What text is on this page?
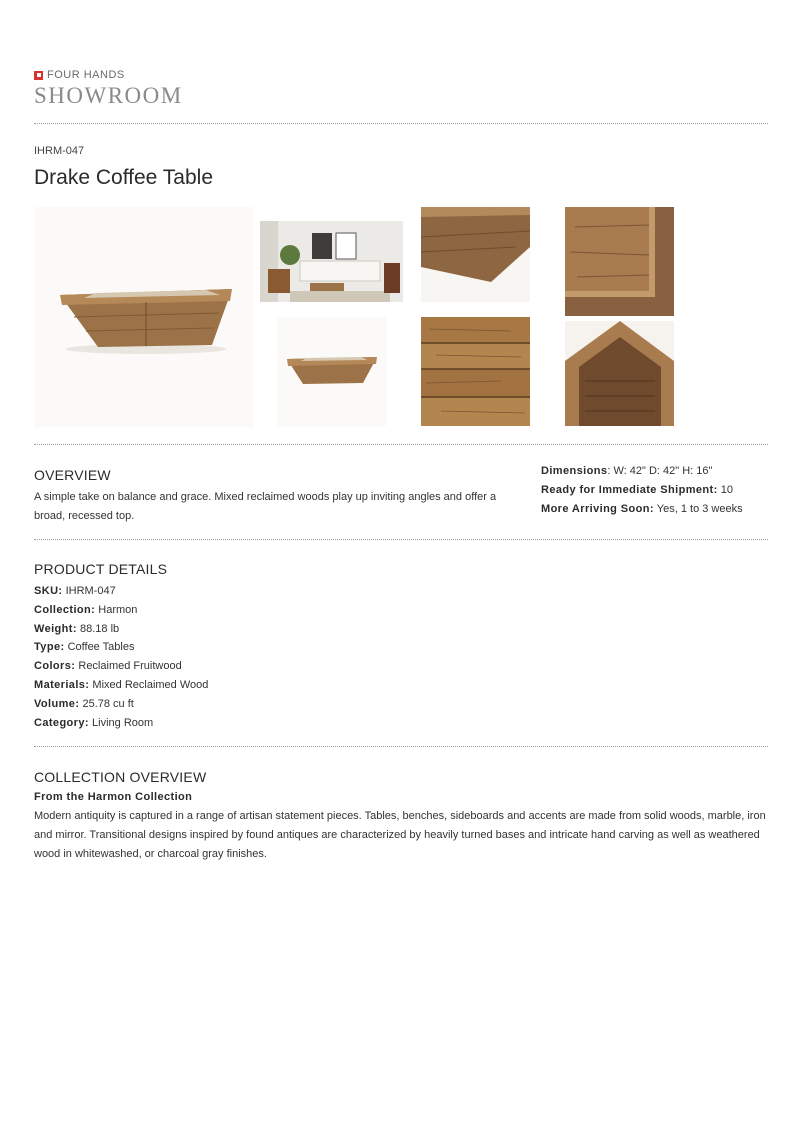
FOUR HANDS
SHOWROOM
IHRM-047
Drake Coffee Table
OVERVIEW
A simple take on balance and grace. Mixed reclaimed woods play up inviting angles and offer a broad, recessed top.
Dimensions: W: 42" D: 42" H: 16"
Ready for Immediate Shipment: 10
More Arriving Soon: Yes, 1 to 3 weeks
PRODUCT DETAILS
SKU: IHRM-047
Collection: Harmon
Weight: 88.18 lb
Type: Coffee Tables
Colors: Reclaimed Fruitwood
Materials: Mixed Reclaimed Wood
Volume: 25.78 cu ft
Category: Living Room
COLLECTION OVERVIEW
From the Harmon Collection
Modern antiquity is captured in a range of artisan statement pieces. Tables, benches, sideboards and accents are made from solid woods, marble, iron and mirror. Transitional designs inspired by found antiques are characterized by heavily turned bases and intricate hand carving as well as weathered wood in whitewashed, or charcoal gray finishes.
